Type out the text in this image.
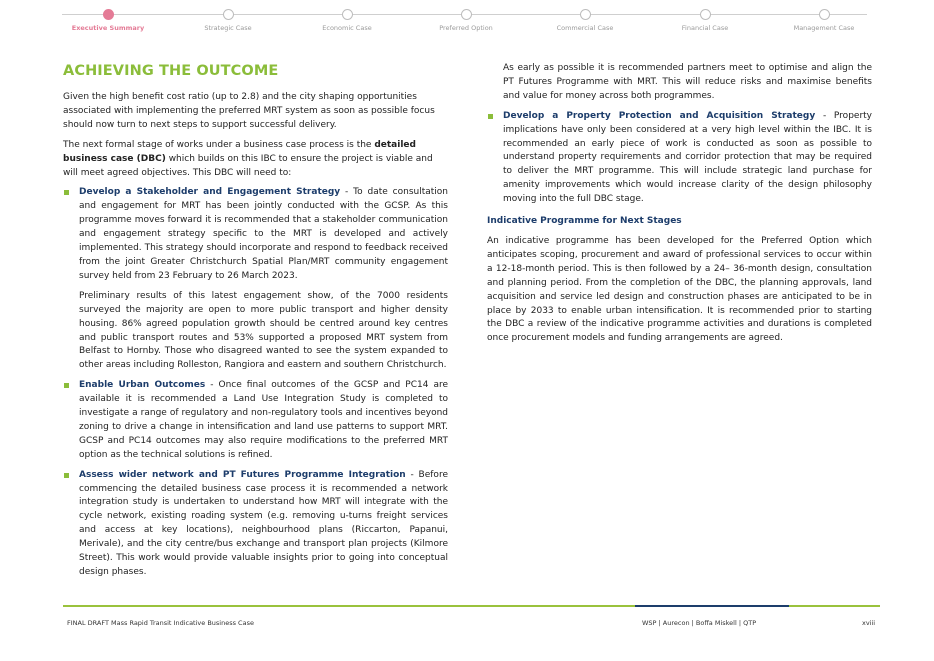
Executive Summary	Strategic Case	Economic Case	Preferred Option	Commercial Case	Financial Case	Management Case
ACHIEVING THE OUTCOME

Given the high benefit cost ratio (up to 2.8) and the city shaping opportunities associated with implementing the preferred MRT system as soon as possible focus should now turn to next steps to support successful delivery.

The next formal stage of works under a business case process is the detailed business case (DBC) which builds on this IBC to ensure the project is viable and will meet agreed objectives. This DBC will need to:

Develop a Stakeholder and Engagement Strategy - To date consultation and engagement for MRT has been jointly conducted with the GCSP. As this programme moves forward it is recommended that a stakeholder communication and engagement strategy specific to the MRT is developed and actively implemented. This strategy should incorporate and respond to feedback received from the joint Greater Christchurch Spatial Plan/MRT community engagement survey held from 23 February to 26 March 2023.

Preliminary results of this latest engagement show, of the 7000 residents surveyed the majority are open to more public transport and higher density housing. 86% agreed population growth should be centred around key centres and public transport routes and 53% supported a proposed MRT system from Belfast to Hornby. Those who disagreed wanted to see the system expanded to other areas including Rolleston, Rangiora and eastern and southern Christchurch.

Enable Urban Outcomes - Once final outcomes of the GCSP and PC14 are available it is recommended a Land Use Integration Study is completed to investigate a range of regulatory and non-regulatory tools and incentives beyond zoning to drive a change in intensification and land use patterns to support MRT. GCSP and PC14 outcomes may also require modifications to the preferred MRT option as the technical solutions is refined.
Assess wider network and PT Futures Programme Integration - Before commencing the detailed business case process it is recommended a network integration study is undertaken to understand how MRT will integrate with the cycle network, existing roading system (e.g. removing u-turns freight services and access at key locations), neighbourhood plans (Riccarton, Papanui, Merivale), and the city centre/bus exchange and transport plan projects (Kilmore Street). This work would provide valuable insights prior to going into conceptual design phases.

As early as possible it is recommended partners meet to optimise and align the PT Futures Programme with MRT. This will reduce risks and maximise benefits and value for money across both programmes.

Develop a Property Protection and Acquisition Strategy - Property implications have only been considered at a very high level within the IBC. It is recommended an early piece of work is conducted as soon as possible to understand property requirements and corridor protection that may be required to deliver the MRT programme. This will include strategic land purchase for amenity improvements which would increase clarity of the design philosophy moving into the full DBC stage.
Indicative Programme for Next Stages

An indicative programme has been developed for the Preferred Option which anticipates scoping, procurement and award of professional services to occur within a 12-18-month period. This is then followed by a 24– 36-month design, consultation and planning period. From the completion of the DBC, the planning approvals, land acquisition and service led design and construction phases are anticipated to be in place by 2033 to enable urban intensification. It is recommended prior to starting the DBC a review of the indicative programme activities and durations is completed once procurement models and funding arrangements are agreed.

FINAL DRAFT Mass Rapid Transit Indicative Business Case	WSP | Aurecon | Boffa Miskell | QTP	xviii
